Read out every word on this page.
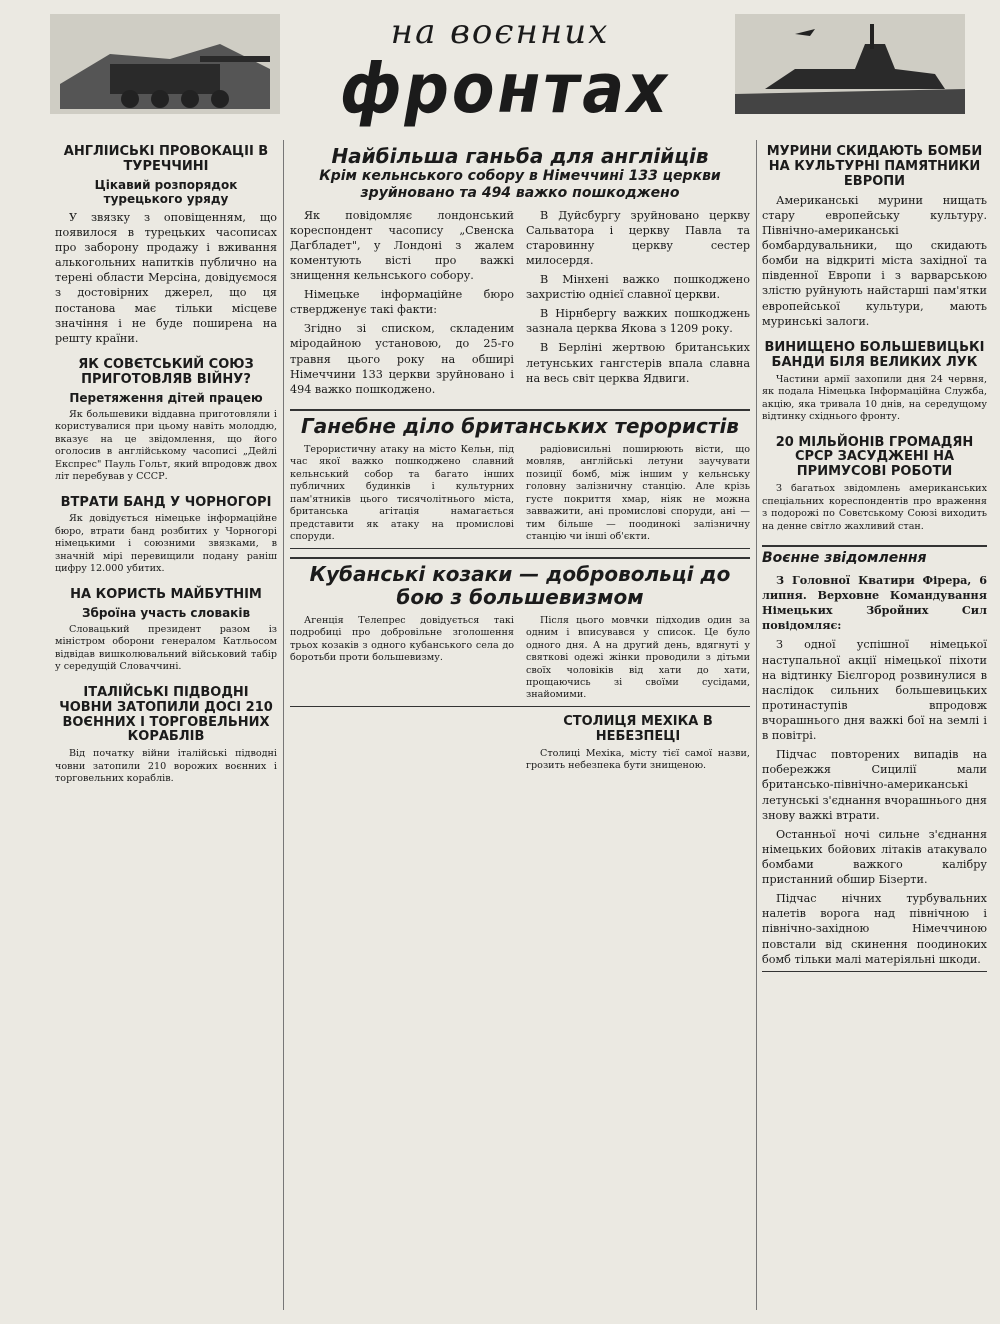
на воєнних
фронтах
АНГЛІЙСЬКІ ПРОВОКАЦІЇ В ТУРЕЧЧИНІ
Цікавий розпорядок турецького уряду

У звязку з оповіщенням, що появилося в турецьких часописах про заборону продажу і вживання алькогольних напитків публично на терені области Мерсіна, довідуємося з достовірних джерел, що ця постанова має тільки місцеве значіння і не буде поширена на решту країни.

ЯК СОВЄТСЬКИЙ СОЮЗ ПРИГОТОВЛЯВ ВІЙНУ?
Перетяження дітей працею

Як большевики віддавна приготовляли і користувалися при цьому навіть молоддю, вказує на це звідомлення, що його оголосив в англійському часописі „Дейлі Експрес" Пауль Гольт, який впродовж двох літ перебував у СССР.

ВТРАТИ БАНД У ЧОРНОГОРІ

Як довідується німецьке інформаційне бюро, втрати банд розбитих у Чорногорі німецькими і союзними звязками, в значній мірі перевищили подану раніш цифру 12.000 убитих.

НА КОРИСТЬ МАЙБУТНІМ
Зброїна участь словаків

Словацький президент разом із міністром оборони генералом Катльосом відвідав вишколювальний військовий табір у середущій Словаччині.

ІТАЛІЙСЬКІ ПІДВОДНІ ЧОВНИ ЗАТОПИЛИ ДОСІ 210 ВОЄННИХ І ТОРГОВЕЛЬНИХ КОРАБЛІВ

Від початку війни італійські підводні човни затопили 210 ворожих воєнних і торговельних кораблів.

Найбільша ганьба для англійців
Крім кельнського собору в Німеччині 133 церкви зруйновано та 494 важко пошкоджено

Як повідомляє лондонський кореспондент часопису „Свенска Дагбладет", у Лондоні з жалем коментують вісті про важкі знищення кельнського собору.

Німецьке інформаційне бюро ствердженує такі факти:

Згідно зі списком, складеним міродайною установою, до 25-го травня цього року на обширі Німеччини 133 церкви зруйновано і 494 важко пошкоджено.

В Дуйсбургу зруйновано церкву Сальватора і церкву Павла та старовинну церкву сестер милосердя.

В Мінхені важко пошкоджено захристію однієї славної церкви.

В Нірнбергу важких пошкоджень зазнала церква Якова з 1209 року.

В Берліні жертвою британських летунських гангстерів впала славна на весь світ церква Ядвиги.

Ганебне діло британських терористів

Терористичну атаку на місто Кельн, під час якої важко пошкоджено славний кельнський собор та багато інших публичних будинків і культурних пам'ятників цього тисячолітнього міста, британська агітація намагається представити як атаку на промислові споруди.

радіовисильні поширюють вісти, що мовляв, англійські летуни заучувати позиції бомб, між іншим у кельнську головну залізничну станцію. Але крізь густе покриття хмар, ніяк не можна завважити, ані промислові споруди, ані — тим більше — поодинокі залізничну станцію чи інші об'єкти.

Кубанські козаки — добровольці до бою з большевизмом

Агенція Телепрес довідується такі подробиці про добровільне зголошення трьох козаків з одного кубанського села до боротьби проти большевизму.

Після цього мовчки підходив один за одним і вписувався у список. Це було одного дня. А на другий день, вдягнуті у святкові одежі жінки проводили з дітьми своїх чоловіків від хати до хати, прощаючись зі своїми сусідами, знайомими.

СТОЛИЦЯ МЕХІКА В НЕБЕЗПЕЦІ

Столиці Мехіка, місту тієї самої назви, грозить небезпека бути знищеною.

МУРИНИ СКИДАЮТЬ БОМБИ НА КУЛЬТУРНІ ПАМЯТНИКИ ЕВРОПИ

Американські мурини нищать стару европейську культуру. Північно-американські бомбардувальники, що скидають бомби на відкриті міста західної та південної Европи і з варварською злістю руйнують найстарші пам'ятки европейської культури, мають муринські залоги.

ВИНИЩЕНО БОЛЬШЕВИЦЬКІ БАНДИ БІЛЯ ВЕЛИКИХ ЛУК

Частини армії захопили дня 24 червня, як подала Німецька Інформаційна Служба, акцію, яка тривала 10 днів, на середущому відтинку східнього фронту.

20 МІЛЬЙОНІВ ГРОМАДЯН СРСР ЗАСУДЖЕНІ НА ПРИМУСОВІ РОБОТИ

З багатьох звідомлень американських спеціальних кореспондентів про враження з подорожі по Совєтському Союзі виходить на денне світло жахливий стан.

Воєнне звідомлення

З Головної Кватири Фірера, 6 липня. Верховне Командування Німецьких Збройних Сил повідомляє:

З одної успішної німецької наступальної акції німецької піхоти на відтинку Бієлгород розвинулися в наслідок сильних большевицьких протинаступів впродовж вчорашнього дня важкі бої на землі і в повітрі.

Підчас повторених випадів на побережжя Сицилії мали британсько-північно-американські летунські з'єднання вчорашнього дня знову важкі втрати.

Останньої ночі сильне з'єднання німецьких бойових літаків атакувало бомбами важкого калібру пристанний обшир Бізерти.

Підчас нічних турбувальних налетів ворога над північною і північно-західною Німеччиною повстали від скинення поодиноких бомб тільки малі матеріяльні шкоди.
